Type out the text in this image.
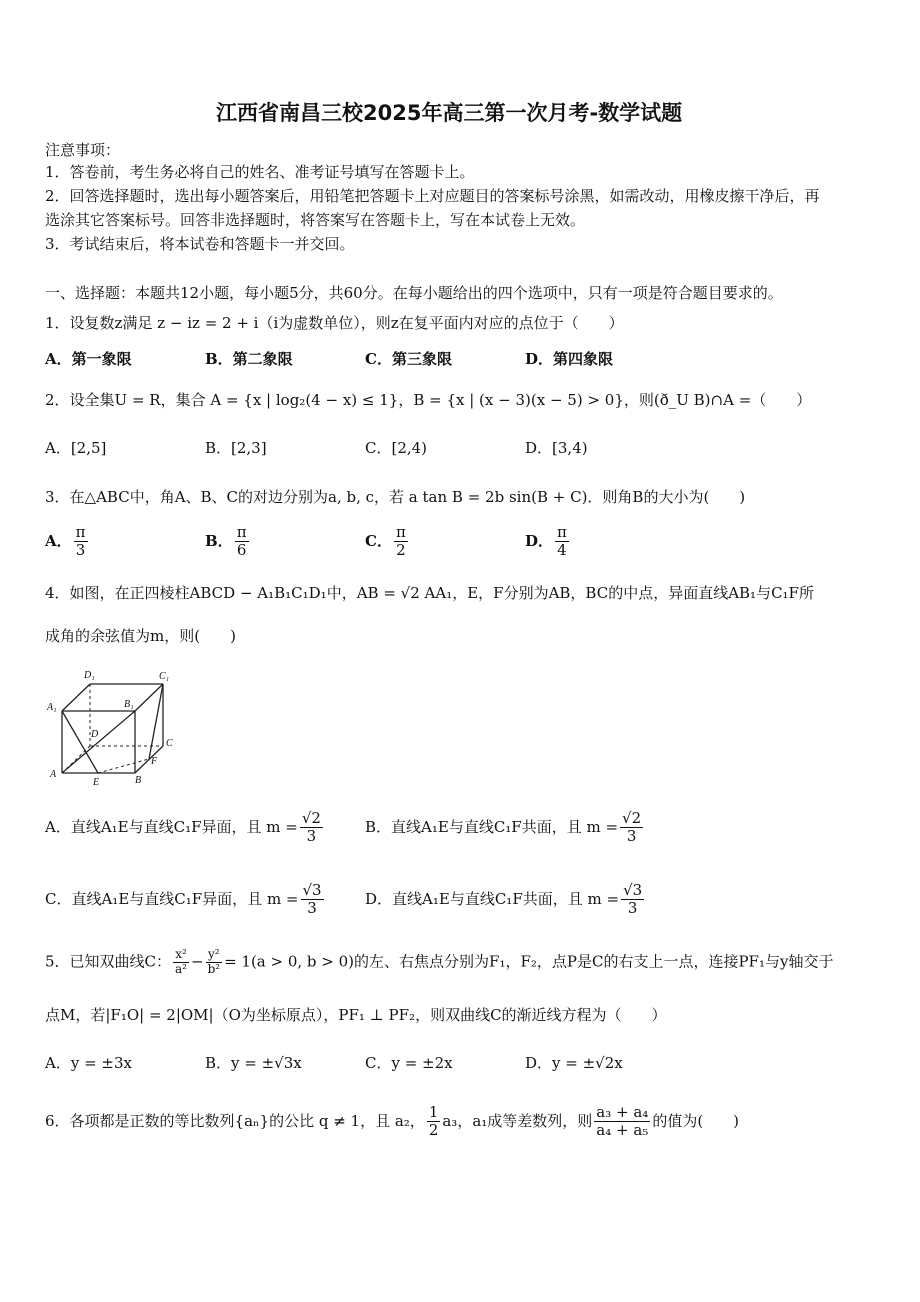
江西省南昌三校2025年高三第一次月考-数学试题
注意事项：
1．答卷前，考生务必将自己的姓名、准考证号填写在答题卡上。
2．回答选择题时，选出每小题答案后，用铅笔把答题卡上对应题目的答案标号涂黑，如需改动，用橡皮擦干净后，再
选涂其它答案标号。回答非选择题时，将答案写在答题卡上，写在本试卷上无效。
3．考试结束后，将本试卷和答题卡一并交回。
一、选择题：本题共12小题，每小题5分，共60分。在每小题给出的四个选项中，只有一项是符合题目要求的。
1．设复数z满足 z − iz = 2 + i（i为虚数单位），则z在复平面内对应的点位于（　　）
A．第一象限	B．第二象限	C．第三象限	D．第四象限
2．设全集U = R，集合 A = {x | log₂(4 − x) ≤ 1}，B = {x | (x − 3)(x − 5) > 0}，则(ð_U B)∩A =（　　）
A．[2,5]	B．[2,3]	C．[2,4)	D．[3,4)
3．在△ABC中，角A、B、C的对边分别为a, b, c，若 a tan B = 2b sin(B + C)．则角B的大小为(　　)
A． $\frac{\pi}{3}$	B． $\frac{\pi}{6}$	C． $\frac{\pi}{2}$	D． $\frac{\pi}{4}$
4．如图，在正四棱柱ABCD − A₁B₁C₁D₁中，AB = √2 AA₁，E，F分别为AB，BC的中点，异面直线AB₁与C₁F所
成角的余弦值为m，则(　　)
D₁	C₁
A₁	B₁
D
C
A
B
E
F
A．直线A₁E与直线C₁F异面，且 $m = \frac{√2}{3}$	B．直线A₁E与直线C₁F共面，且 $m = \frac{√2}{3}$
C．直线A₁E与直线C₁F异面，且 $m = \frac{√3}{3}$	D．直线A₁E与直线C₁F共面，且 $m = \frac{√3}{3}$
5．已知双曲线C： $\frac{\text{x²}}{\text{a²}} - \frac{\text{y²}}{\text{b²}} = 1(a > 0$, b > 0)的左、右焦点分别为F₁，F₂，点P是C的右支上一点，连接PF₁与y轴交于
点M，若|F₁O| = 2|OM|（O为坐标原点），PF₁ ⊥ PF₂，则双曲线C的渐近线方程为（　　）
A．y = ±3x	B．y = ±√3x	C．y = ±2x	D．y = ±√2x
6．各项都是正数的等比数列{aₙ}的公比 q ≠ 1，且 a₂， $\frac{1}{2} a_3$，a₁成等差数列，则 $\frac{\text{a₃ + a₄}}{\text{a₄ + a₅}}$ 的值为(　　)
